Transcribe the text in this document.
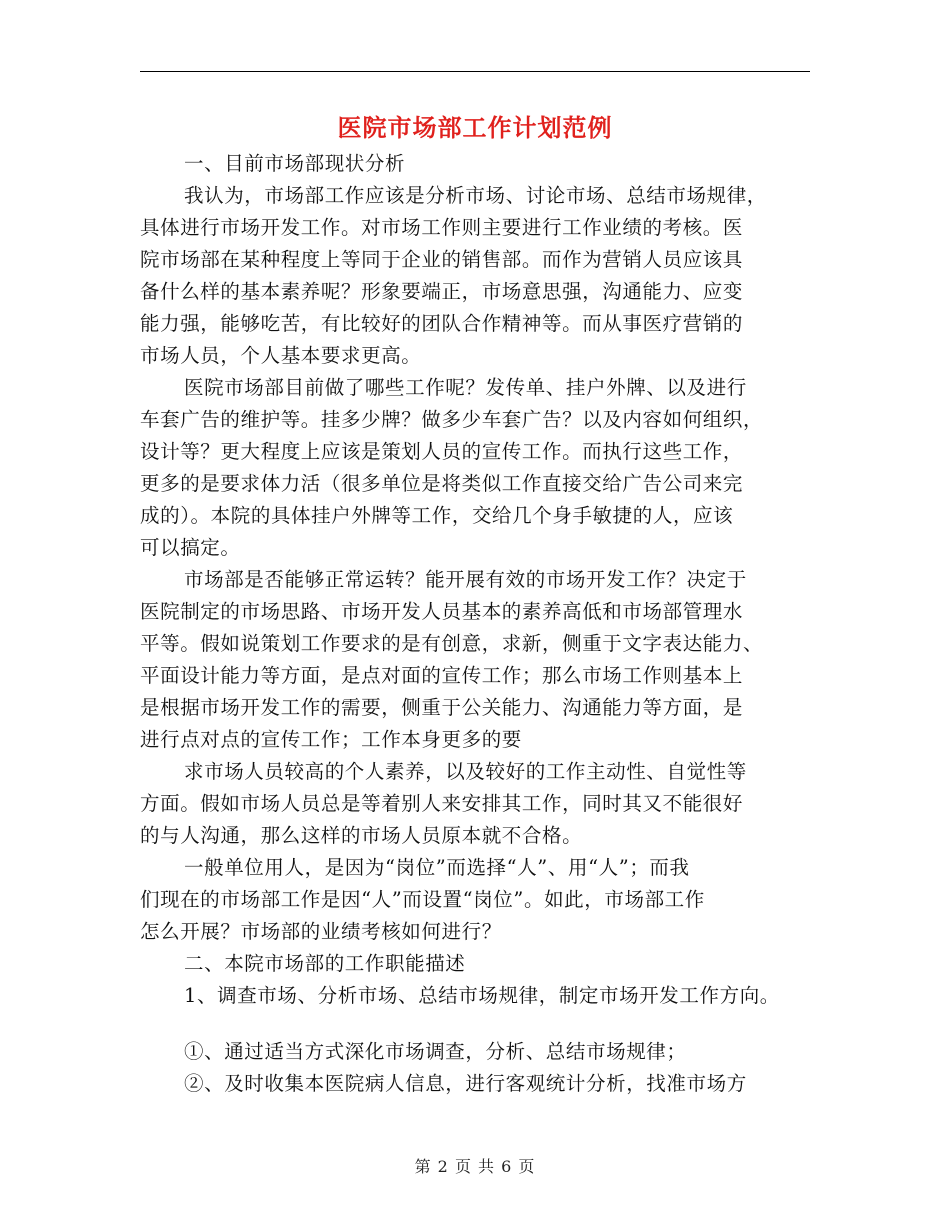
医院市场部工作计划范例
一、目前市场部现状分析
我认为，市场部工作应该是分析市场、讨论市场、总结市场规律，
具体进行市场开发工作。对市场工作则主要进行工作业绩的考核。医
院市场部在某种程度上等同于企业的销售部。而作为营销人员应该具
备什么样的基本素养呢？形象要端正，市场意思强，沟通能力、应变
能力强，能够吃苦，有比较好的团队合作精神等。而从事医疗营销的
市场人员，个人基本要求更高。
医院市场部目前做了哪些工作呢？发传单、挂户外牌、以及进行
车套广告的维护等。挂多少牌？做多少车套广告？以及内容如何组织，
设计等？更大程度上应该是策划人员的宣传工作。而执行这些工作，
更多的是要求体力活（很多单位是将类似工作直接交给广告公司来完
成的）。本院的具体挂户外牌等工作，交给几个身手敏捷的人，应该
可以搞定。
市场部是否能够正常运转？能开展有效的市场开发工作？决定于
医院制定的市场思路、市场开发人员基本的素养高低和市场部管理水
平等。假如说策划工作要求的是有创意，求新，侧重于文字表达能力、
平面设计能力等方面，是点对面的宣传工作；那么市场工作则基本上
是根据市场开发工作的需要，侧重于公关能力、沟通能力等方面，是
进行点对点的宣传工作；工作本身更多的要
求市场人员较高的个人素养，以及较好的工作主动性、自觉性等
方面。假如市场人员总是等着别人来安排其工作，同时其又不能很好
的与人沟通，那么这样的市场人员原本就不合格。
一般单位用人，是因为“岗位”而选择“人”、用“人”；而我
们现在的市场部工作是因“人”而设置“岗位”。如此，市场部工作
怎么开展？市场部的业绩考核如何进行？
二、本院市场部的工作职能描述
1、调查市场、分析市场、总结市场规律，制定市场开发工作方向。
①、通过适当方式深化市场调查，分析、总结市场规律；
②、及时收集本医院病人信息，进行客观统计分析，找准市场方
第 2 页 共 6 页
